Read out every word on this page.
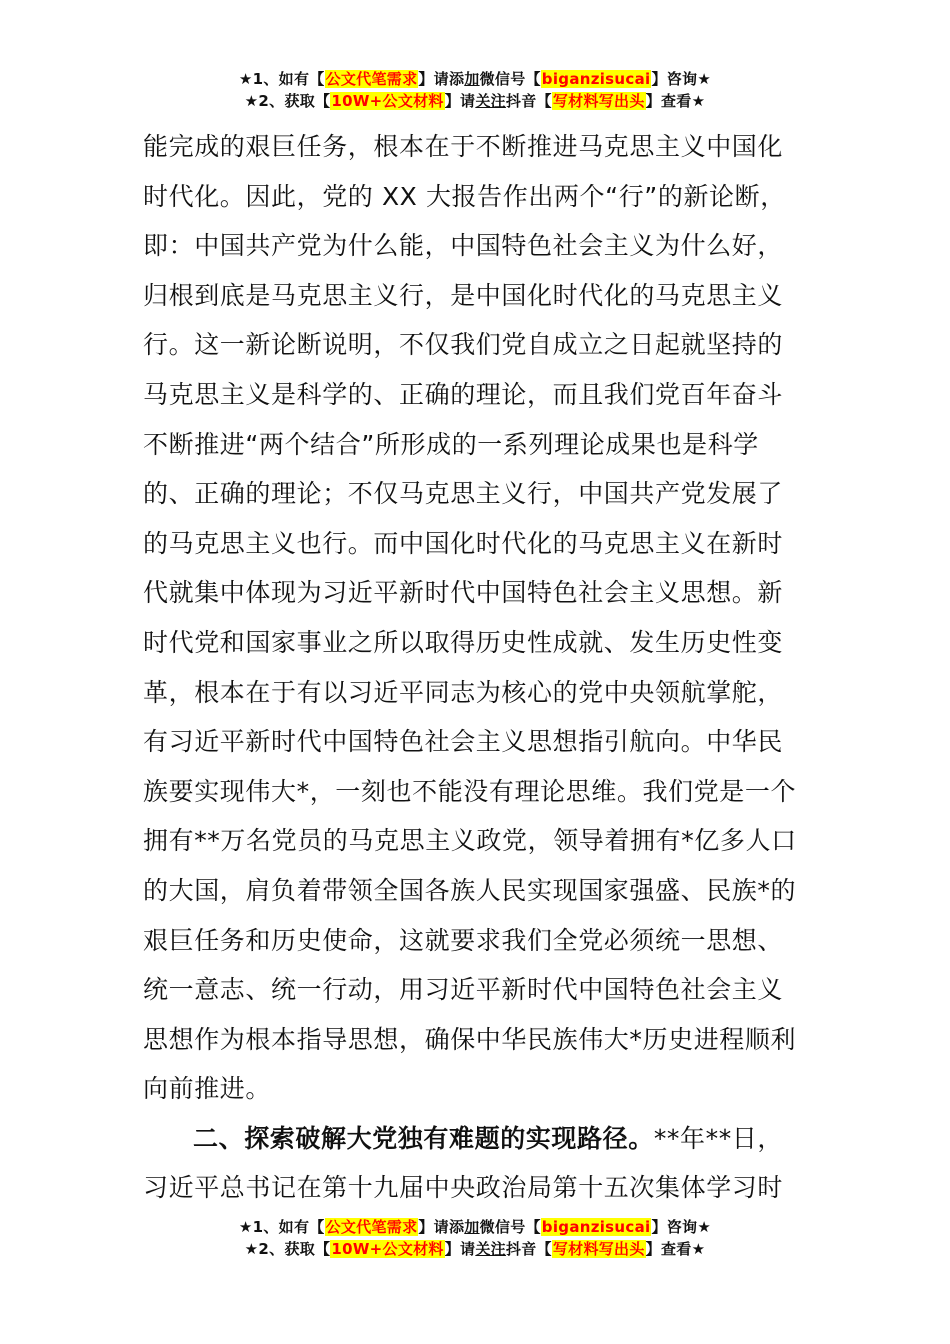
★1、如有【公文代笔需求】请添加微信号【biganzisucai】咨询★
★2、获取【10W+公文材料】请关注抖音【写材料写出头】查看★
能完成的艰巨任务，根本在于不断推进马克思主义中国化
时代化。因此，党的 XX 大报告作出两个“行”的新论断，
即：中国共产党为什么能，中国特色社会主义为什么好，
归根到底是马克思主义行，是中国化时代化的马克思主义
行。这一新论断说明，不仅我们党自成立之日起就坚持的
马克思主义是科学的、正确的理论，而且我们党百年奋斗
不断推进“两个结合”所形成的一系列理论成果也是科学
的、正确的理论；不仅马克思主义行，中国共产党发展了
的马克思主义也行。而中国化时代化的马克思主义在新时
代就集中体现为习近平新时代中国特色社会主义思想。新
时代党和国家事业之所以取得历史性成就、发生历史性变
革，根本在于有以习近平同志为核心的党中央领航掌舵，
有习近平新时代中国特色社会主义思想指引航向。中华民
族要实现伟大*，一刻也不能没有理论思维。我们党是一个
拥有**万名党员的马克思主义政党，领导着拥有*亿多人口
的大国，肩负着带领全国各族人民实现国家强盛、民族*的
艰巨任务和历史使命，这就要求我们全党必须统一思想、
统一意志、统一行动，用习近平新时代中国特色社会主义
思想作为根本指导思想，确保中华民族伟大*历史进程顺利
向前推进。
二、探索破解大党独有难题的实现路径。**年**日，
习近平总书记在第十九届中央政治局第十五次集体学习时
★1、如有【公文代笔需求】请添加微信号【biganzisucai】咨询★
★2、获取【10W+公文材料】请关注抖音【写材料写出头】查看★
